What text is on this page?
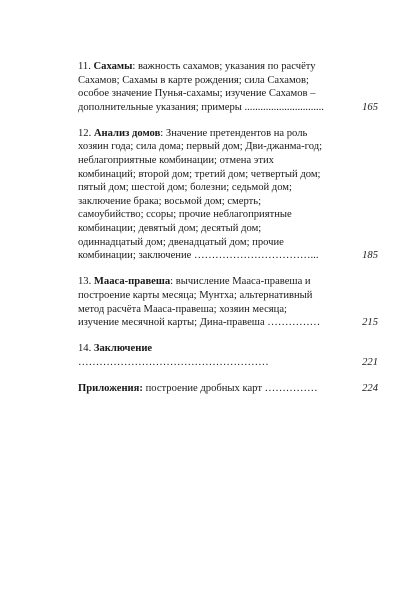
11. Сахамы: важность сахамов; указания по расчёту
Сахамов; Сахамы в карте рождения; сила Сахамов;
особое значение Пунья-сахамы; изучение Сахамов –
дополнительные указания; примеры ..............................	165
12. Анализ домов: Значение претендентов на роль
хозяин года; сила дома; первый дом; Дви-джанма-год;
неблагоприятные комбинации; отмена этих
комбинаций; второй дом; третий дом; четвертый дом;
пятый дом; шестой дом; болезни; седьмой дом;
заключение брака; восьмой дом; смерть;
самоубийство; ссоры; прочие неблагоприятные
комбинации; девятый дом; десятый дом;
одиннадцатый дом; двенадцатый дом; прочие
комбинации; заключение ……………………………...	185
13. Мааса-правеша: вычисление Мааса-правеша и
построение карты месяца; Мунтха; альтернативный
метод расчёта Мааса-правеша; хозяин месяца;
изучение месячной карты; Дина-правеша ……………	215
14. Заключение ………………………………………………	221
Приложения: построение дробных карт ……………	224
